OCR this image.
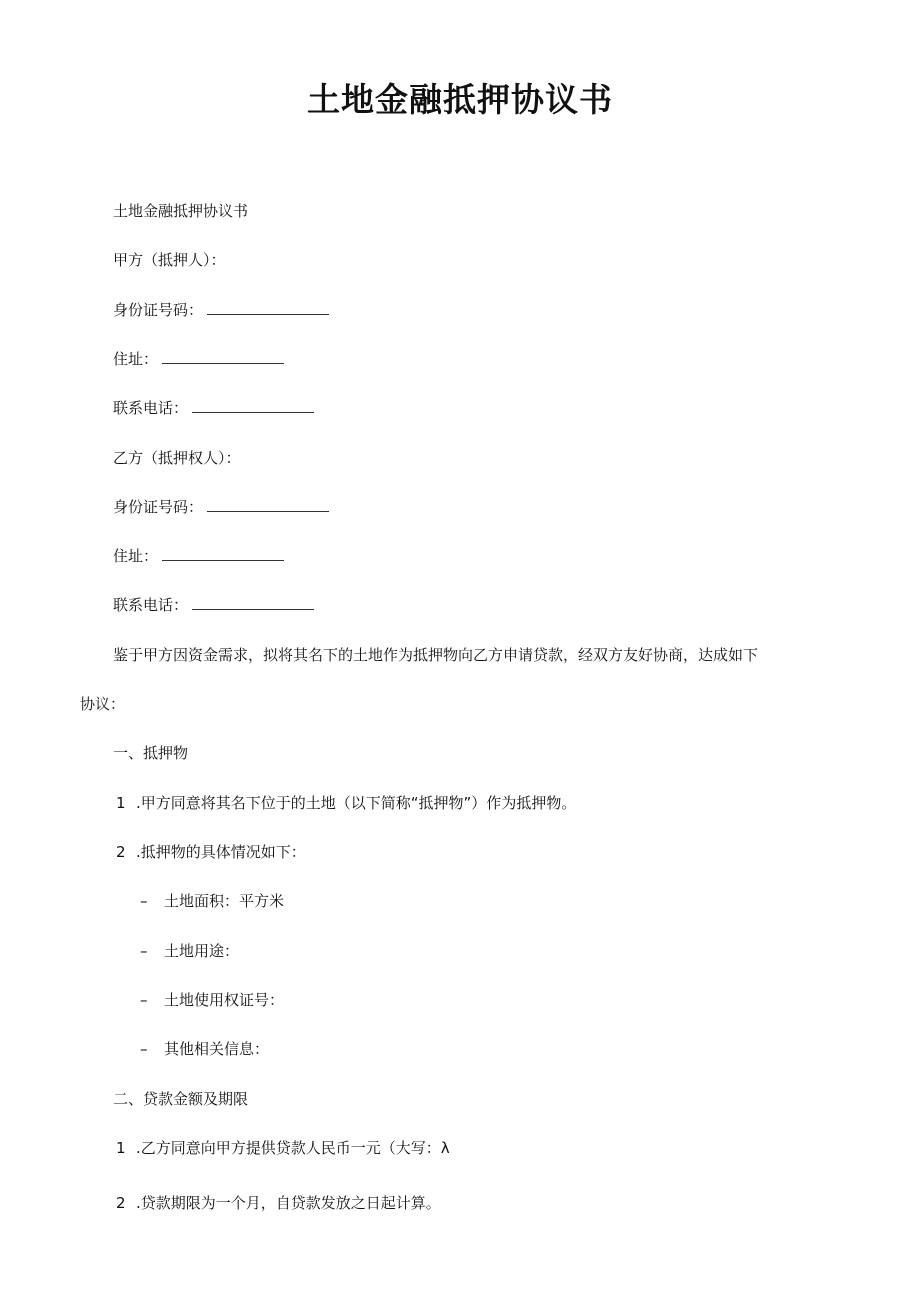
土地金融抵押协议书
土地金融抵押协议书
甲方（抵押人）：
身份证号码：
住址：
联系电话：
乙方（抵押权人）：
身份证号码：
住址：
联系电话：
鉴于甲方因资金需求，拟将其名下的土地作为抵押物向乙方申请贷款，经双方友好协商，达成如下
协议：
一、抵押物
1 .甲方同意将其名下位于的土地（以下简称“抵押物”）作为抵押物。
2 .抵押物的具体情况如下：
– 土地面积：平方米
– 土地用途：
– 土地使用权证号：
– 其他相关信息：
二、贷款金额及期限
1 .乙方同意向甲方提供贷款人民币一元（大写：λ
2 .贷款期限为一个月，自贷款发放之日起计算。
